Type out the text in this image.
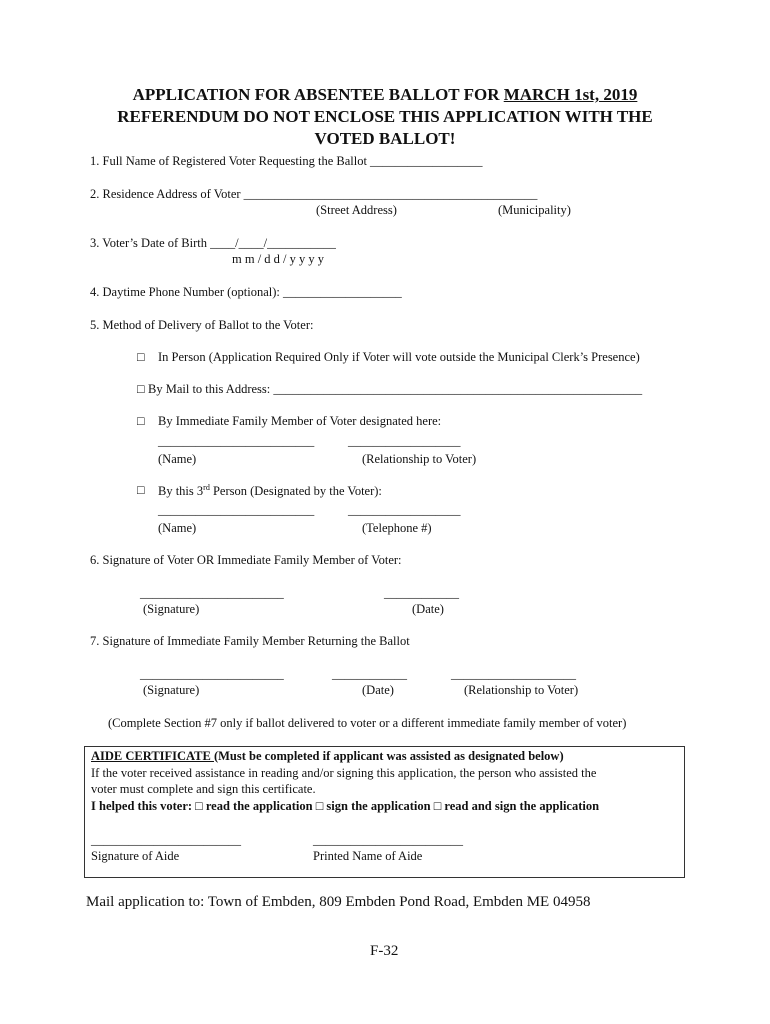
APPLICATION FOR ABSENTEE BALLOT FOR MARCH 1st, 2019
REFERENDUM DO NOT ENCLOSE THIS APPLICATION WITH THE
VOTED BALLOT!
1. Full Name of Registered Voter Requesting the Ballot __________________
2. Residence Address of Voter _______________________________________________
(Street Address)	(Municipality)
3. Voter’s Date of Birth ____/____/___________
m m / d d / y y y y
4. Daytime Phone Number (optional): ___________________
5. Method of Delivery of Ballot to the Voter:
□ In Person (Application Required Only if Voter will vote outside the Municipal Clerk’s Presence)
□ By Mail to this Address: ___________________________________________________________
□ By Immediate Family Member of Voter designated here:
_________________________	__________________
(Name)	(Relationship to Voter)
□ By this 3rd Person (Designated by the Voter):
_________________________	__________________
(Name)	(Telephone #)
6. Signature of Voter OR Immediate Family Member of Voter:
_______________________	____________
(Signature)	(Date)
7. Signature of Immediate Family Member Returning the Ballot
_______________________	____________	____________________
(Signature)	(Date)	(Relationship to Voter)
(Complete Section #7 only if ballot delivered to voter or a different immediate family member of voter)
AIDE CERTIFICATE (Must be completed if applicant was assisted as designated below)
If the voter received assistance in reading and/or signing this application, the person who assisted the
voter must complete and sign this certificate.
I helped this voter: □ read the application □ sign the application □ read and sign the application
________________________	________________________
Signature of Aide	Printed Name of Aide
Mail application to: Town of Embden, 809 Embden Pond Road, Embden ME 04958
F-32
